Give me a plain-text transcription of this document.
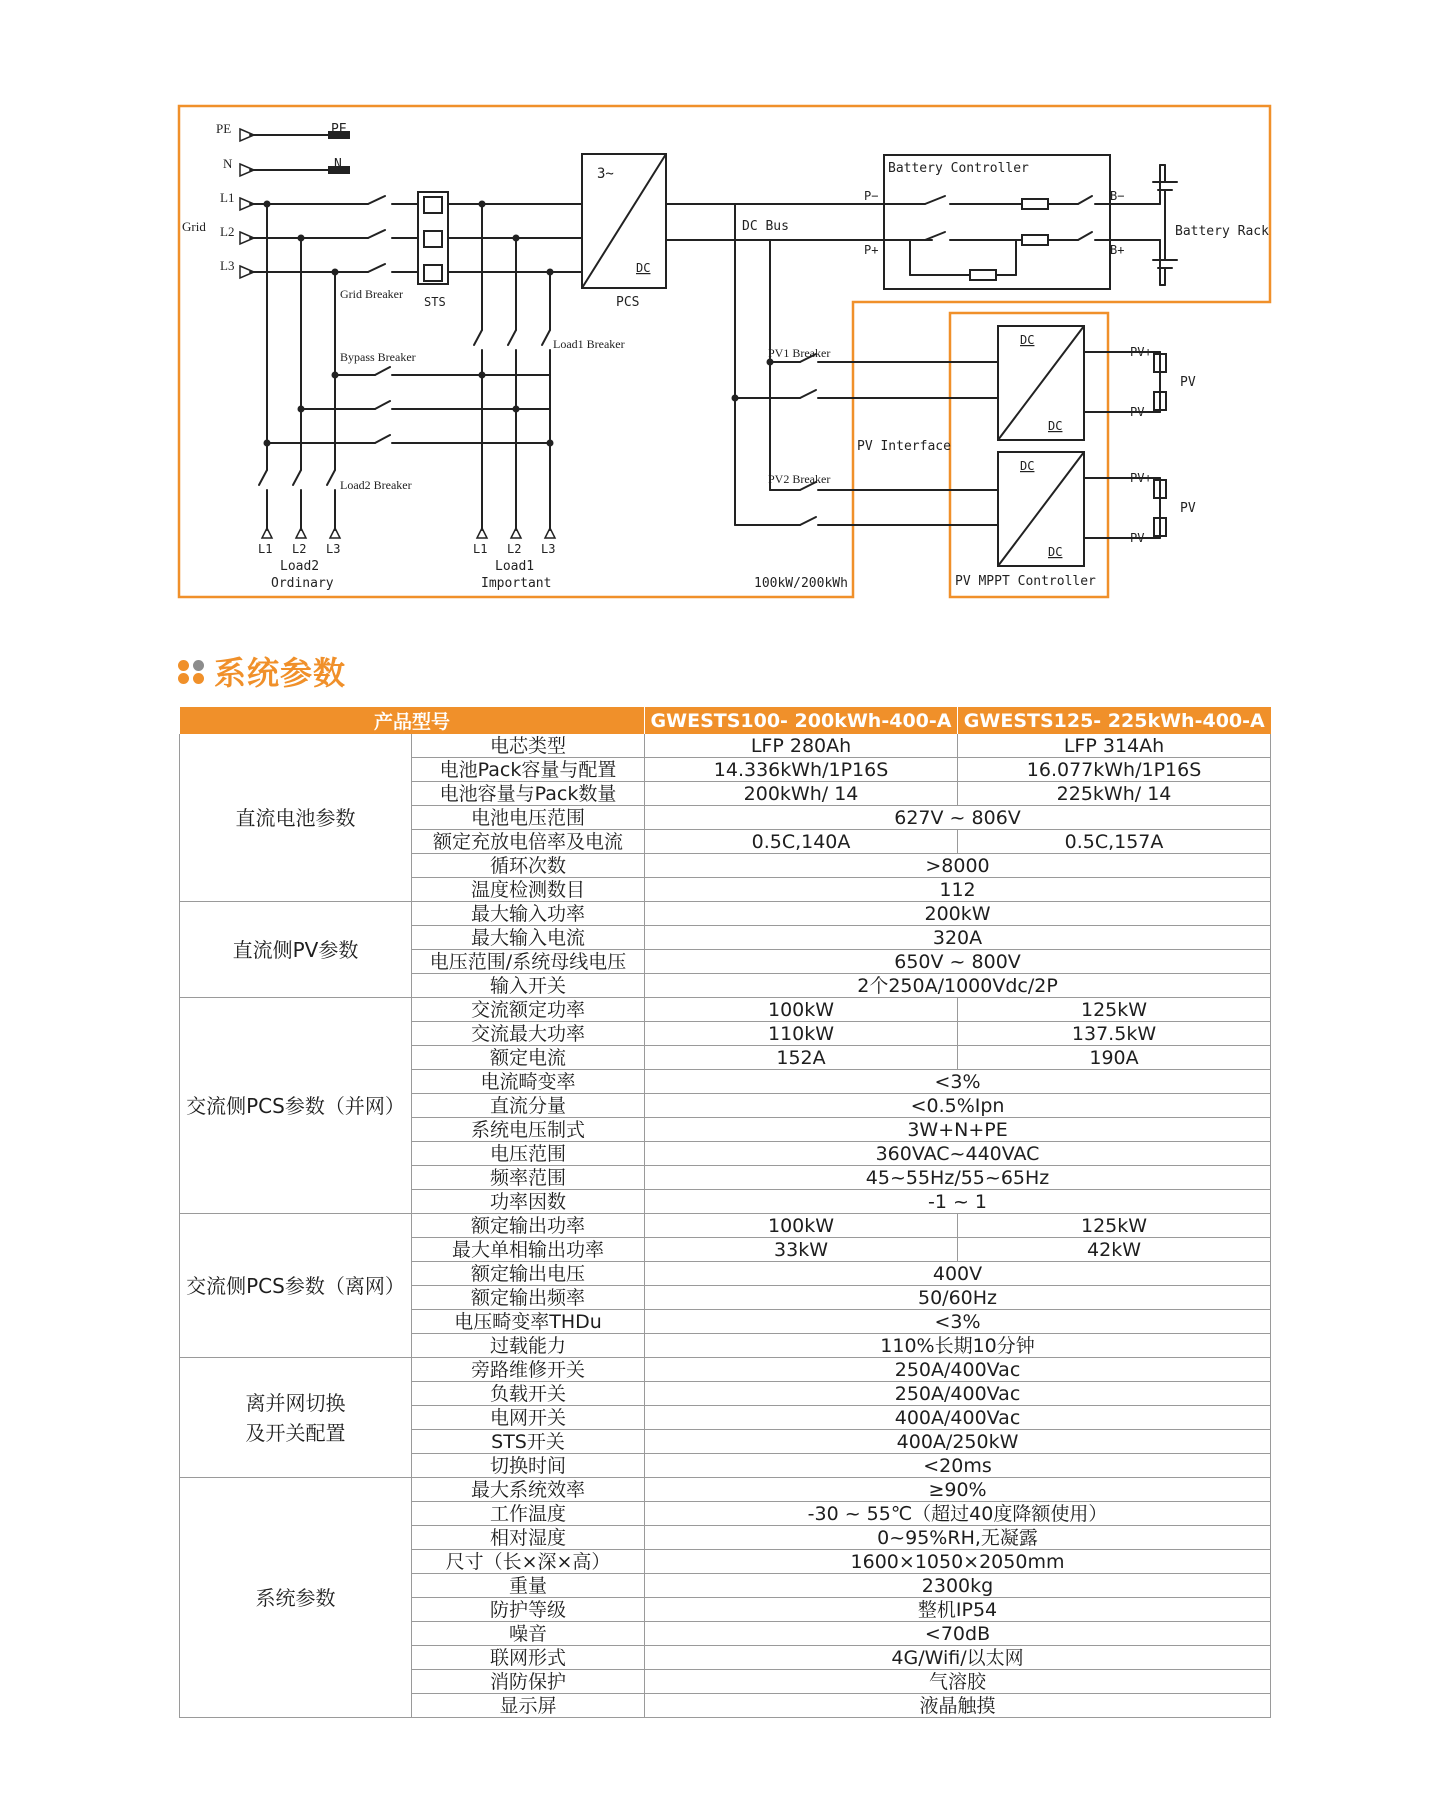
PE
N
L1
L2
L3
Grid
PE
N
Grid Breaker
STS
Bypass Breaker
Load1 Breaker
Load2 Breaker
3~
DC
PCS
DC Bus
Battery Controller
P−
P+
B−
B+
Battery Rack
PV1 Breaker
PV2 Breaker
PV Interface
DC
DC
DC
DC
PV+
PV−
PV
PV+
PV−
PV
PV MPPT Controller
L1 L2 L3
Load2
Ordinary
L1 L2 L3
Load1
Important	100kW/200kWh
系统参数
产品型号		GWESTS100- 200kWh-400-A	GWESTS125- 225kWh-400-A
直流电池参数	电芯类型	LFP 280Ah	LFP 314Ah
	电池Pack容量与配置	14.336kWh/1P16S	16.077kWh/1P16S
	电池容量与Pack数量	200kWh/ 14	225kWh/ 14
	电池电压范围	627V ~ 806V	
	额定充放电倍率及电流	0.5C,140A	0.5C,157A
	循环次数	>8000	
	温度检测数目	112	
直流侧PV参数	最大输入功率	200kW	
	最大输入电流	320A	
	电压范围/系统母线电压	650V ~ 800V	
	输入开关	2个250A/1000Vdc/2P	
交流侧PCS参数（并网）	交流额定功率	100kW	125kW
	交流最大功率	110kW	137.5kW
	额定电流	152A	190A
	电流畸变率	<3%	
	直流分量	<0.5%Ipn	
	系统电压制式	3W+N+PE	
	电压范围	360VAC~440VAC	
	频率范围	45~55Hz/55~65Hz	
	功率因数	-1 ~ 1	
交流侧PCS参数（离网）	额定输出功率	100kW	125kW
	最大单相输出功率	33kW	42kW
	额定输出电压	400V	
	额定输出频率	50/60Hz	
	电压畸变率THDu	<3%	
	过载能力	110%长期10分钟	
离并网切换及开关配置	旁路维修开关	250A/400Vac	
	负载开关	250A/400Vac	
	电网开关	400A/400Vac	
	STS开关	400A/250kW	
	切换时间	<20ms	
系统参数	最大系统效率	≥90%	
	工作温度	-30 ~ 55℃（超过40度降额使用）	
	相对湿度	0~95%RH,无凝露	
	尺寸（长×深×高）	1600×1050×2050mm	
	重量	2300kg	
	防护等级	整机IP54	
	噪音	<70dB	
	联网形式	4G/Wifi/以太网	
	消防保护	气溶胶	
	显示屏	液晶触摸	
